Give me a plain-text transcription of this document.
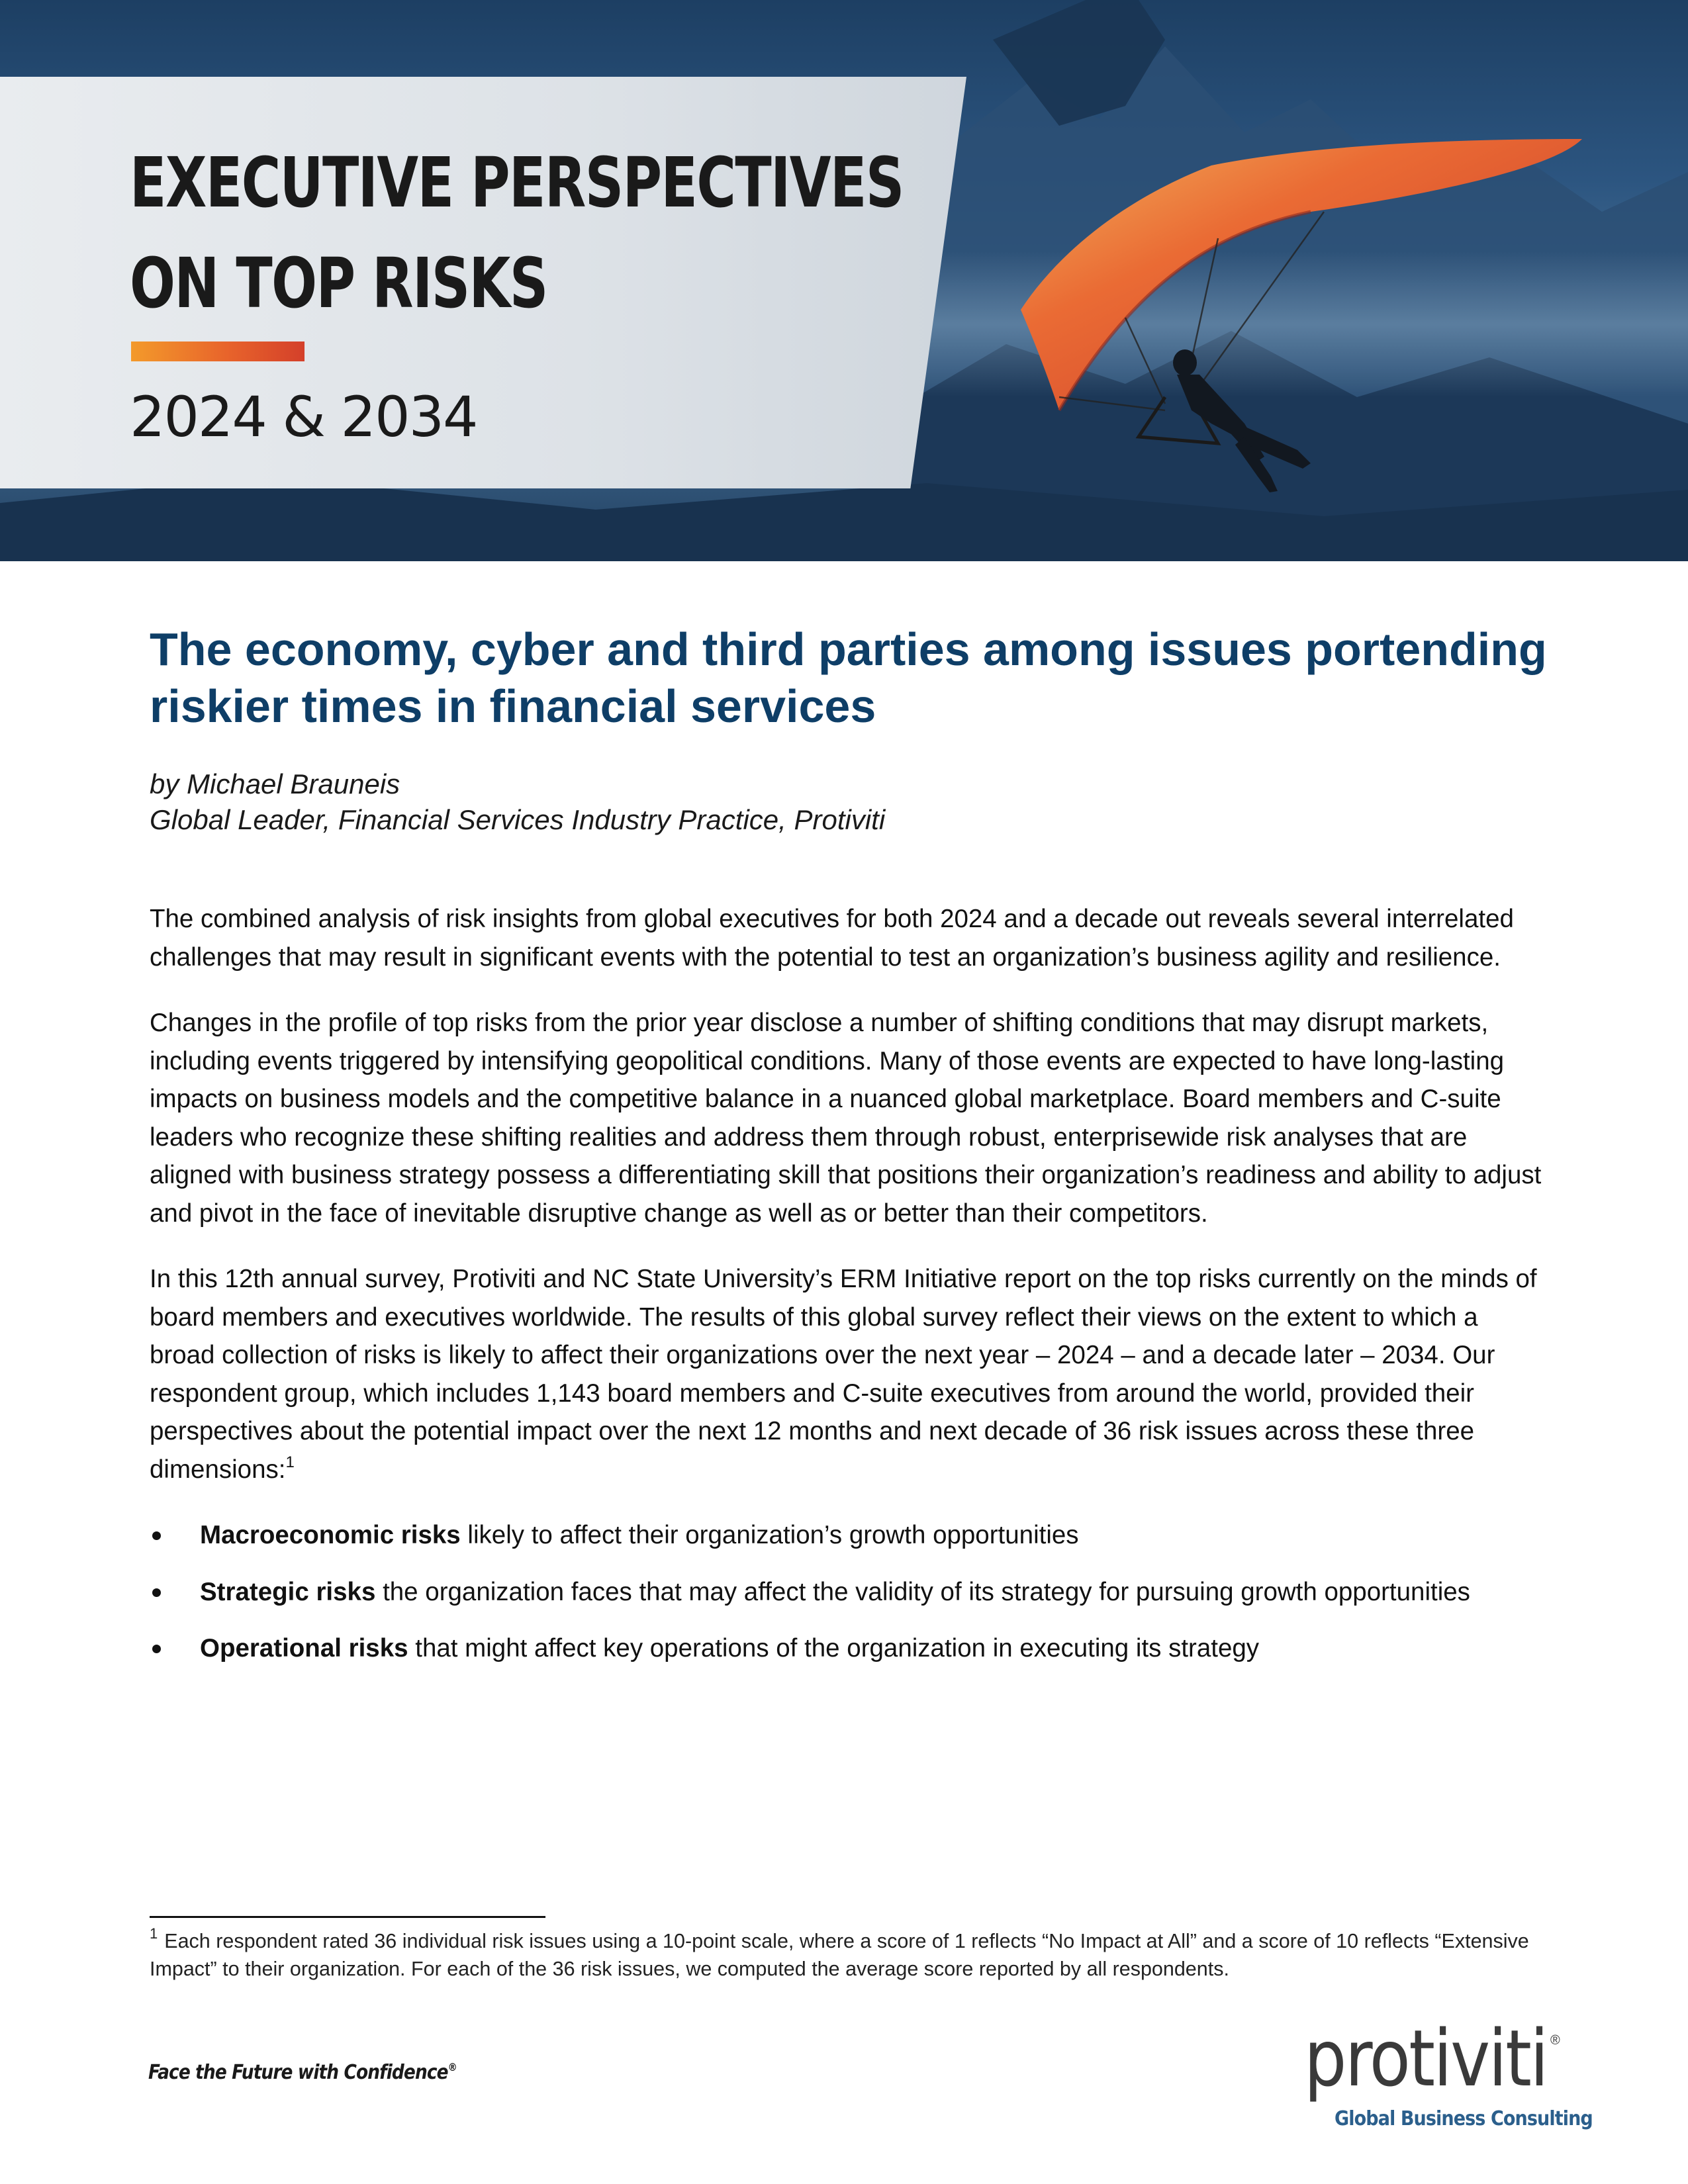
EXECUTIVE PERSPECTIVES
ON TOP RISKS
2024 & 2034
The economy, cyber and third parties among issues portending riskier times in financial services
by Michael Brauneis
Global Leader, Financial Services Industry Practice, Protiviti

The combined analysis of risk insights from global executives for both 2024 and a decade out reveals several interrelated challenges that may result in significant events with the potential to test an organization’s business agility and resilience.

Changes in the profile of top risks from the prior year disclose a number of shifting conditions that may disrupt markets, including events triggered by intensifying geopolitical conditions. Many of those events are expected to have long-lasting impacts on business models and the competitive balance in a nuanced global marketplace. Board members and C-suite leaders who recognize these shifting realities and address them through robust, enterprisewide risk analyses that are aligned with business strategy possess a differentiating skill that positions their organization’s readiness and ability to adjust and pivot in the face of inevitable disruptive change as well as or better than their competitors.

In this 12th annual survey, Protiviti and NC State University’s ERM Initiative report on the top risks currently on the minds of board members and executives worldwide. The results of this global survey reflect their views on the extent to which a broad collection of risks is likely to affect their organizations over the next year – 2024 – and a decade later – 2034. Our respondent group, which includes 1,143 board members and C-suite executives from around the world, provided their perspectives about the potential impact over the next 12 months and next decade of 36 risk issues across these three dimensions:$^1$

Macroeconomic risks likely to affect their organization’s growth opportunities
Strategic risks the organization faces that may affect the validity of its strategy for pursuing growth opportunities
Operational risks that might affect key operations of the organization in executing its strategy
$^1$ Each respondent rated 36 individual risk issues using a 10-point scale, where a score of 1 reflects “No Impact at All” and a score of 10 reflects “Extensive Impact” to their organization. For each of the 36 risk issues, we computed the average score reported by all respondents.
Face the Future with Confidence®	protiviti ®
Global Business Consulting
